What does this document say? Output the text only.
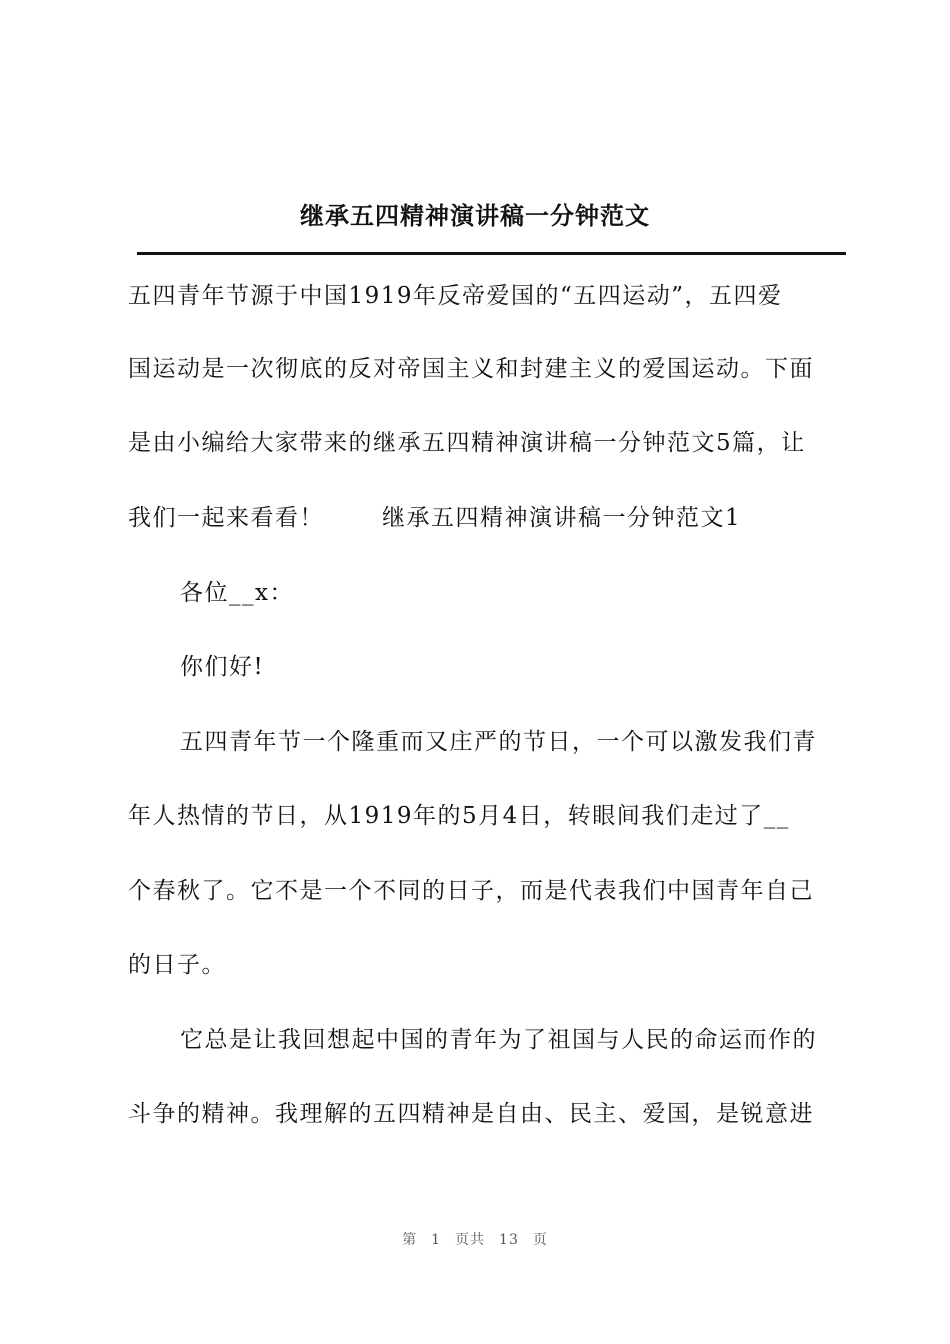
继承五四精神演讲稿一分钟范文
五四青年节源于中国1919年反帝爱国的“五四运动”，五四爱
国运动是一次彻底的反对帝国主义和封建主义的爱国运动。下面
是由小编给大家带来的继承五四精神演讲稿一分钟范文5篇，让
我们一起来看看！	继承五四精神演讲稿一分钟范文1
各位__x：
你们好!
五四青年节一个隆重而又庄严的节日，一个可以激发我们青
年人热情的节日，从1919年的5月4日，转眼间我们走过了__
个春秋了。它不是一个不同的日子，而是代表我们中国青年自己
的日子。
它总是让我回想起中国的青年为了祖国与人民的命运而作的
斗争的精神。我理解的五四精神是自由、民主、爱国，是锐意进
第 1 页共 13 页
